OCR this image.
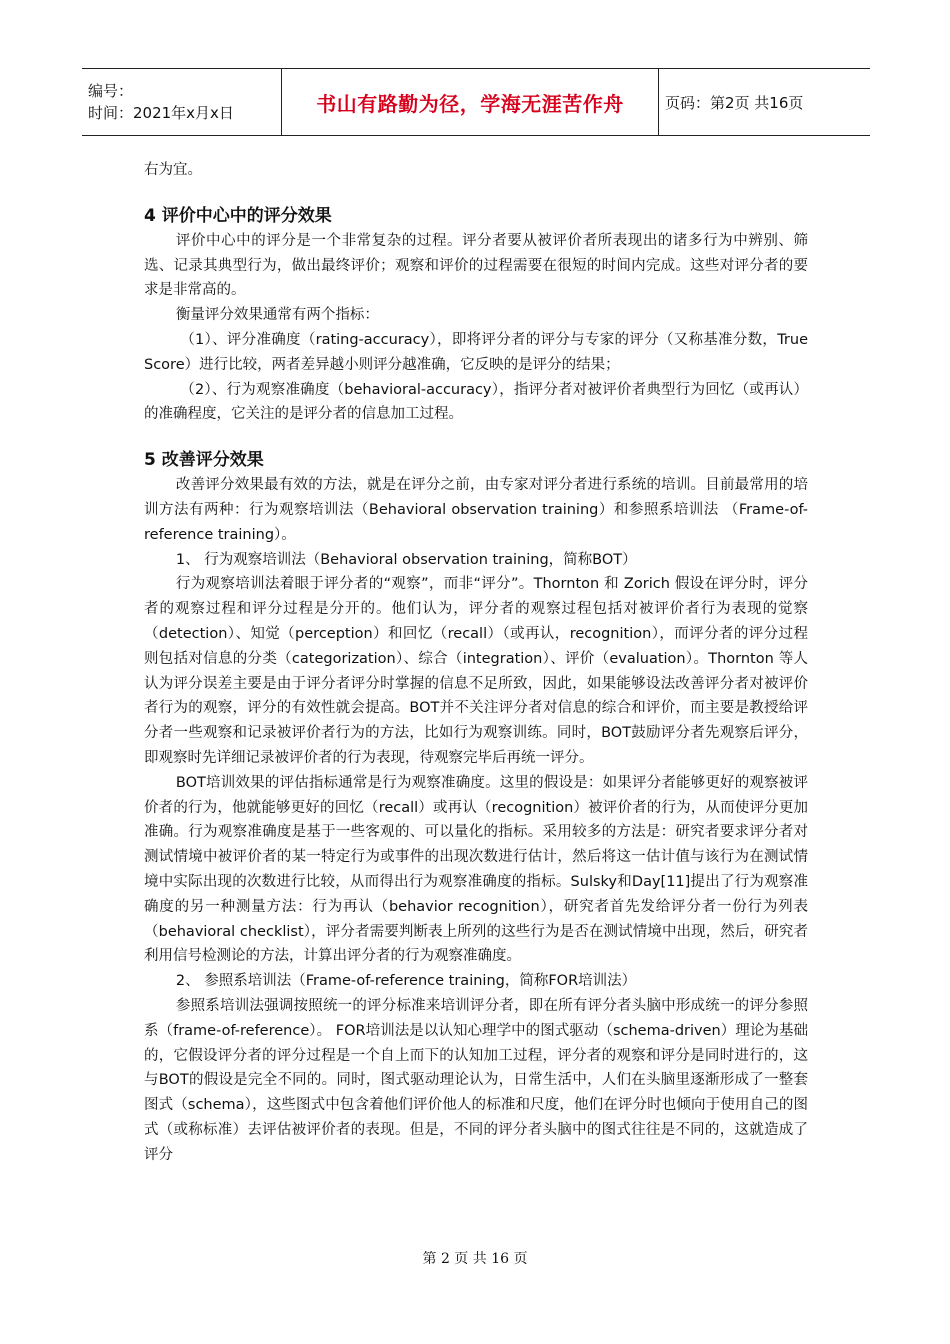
编号：
时间：2021年x月x日	书山有路勤为径，学海无涯苦作舟	页码：第2页 共16页

右为宜。

4 评价中心中的评分效果

评价中心中的评分是一个非常复杂的过程。评分者要从被评价者所表现出的诸多行为中辨别、筛选、记录其典型行为，做出最终评价；观察和评价的过程需要在很短的时间内完成。这些对评分者的要求是非常高的。

衡量评分效果通常有两个指标：

（1）、评分准确度（rating-accuracy），即将评分者的评分与专家的评分（又称基准分数，True Score）进行比较，两者差异越小则评分越准确，它反映的是评分的结果；

（2）、行为观察准确度（behavioral-accuracy），指评分者对被评价者典型行为回忆（或再认）的准确程度，它关注的是评分者的信息加工过程。

5 改善评分效果

改善评分效果最有效的方法，就是在评分之前，由专家对评分者进行系统的培训。目前最常用的培训方法有两种：行为观察培训法（Behavioral observation training）和参照系培训法 （Frame-of-reference training）。

1、 行为观察培训法（Behavioral observation training，简称BOT）

行为观察培训法着眼于评分者的“观察”，而非“评分”。Thornton 和 Zorich 假设在评分时，评分者的观察过程和评分过程是分开的。他们认为，评分者的观察过程包括对被评价者行为表现的觉察（detection）、知觉（perception）和回忆（recall）（或再认，recognition），而评分者的评分过程则包括对信息的分类（categorization）、综合（integration）、评价（evaluation）。Thornton 等人认为评分误差主要是由于评分者评分时掌握的信息不足所致，因此，如果能够设法改善评分者对被评价者行为的观察，评分的有效性就会提高。BOT并不关注评分者对信息的综合和评价，而主要是教授给评分者一些观察和记录被评价者行为的方法，比如行为观察训练。同时，BOT鼓励评分者先观察后评分，即观察时先详细记录被评价者的行为表现，待观察完毕后再统一评分。

BOT培训效果的评估指标通常是行为观察准确度。这里的假设是：如果评分者能够更好的观察被评价者的行为，他就能够更好的回忆（recall）或再认（recognition）被评价者的行为，从而使评分更加准确。行为观察准确度是基于一些客观的、可以量化的指标。采用较多的方法是：研究者要求评分者对测试情境中被评价者的某一特定行为或事件的出现次数进行估计，然后将这一估计值与该行为在测试情境中实际出现的次数进行比较，从而得出行为观察准确度的指标。Sulsky和Day[11]提出了行为观察准确度的另一种测量方法：行为再认（behavior recognition），研究者首先发给评分者一份行为列表（behavioral checklist），评分者需要判断表上所列的这些行为是否在测试情境中出现，然后，研究者利用信号检测论的方法，计算出评分者的行为观察准确度。

2、 参照系培训法（Frame-of-reference training，简称FOR培训法）

参照系培训法强调按照统一的评分标准来培训评分者，即在所有评分者头脑中形成统一的评分参照系（frame-of-reference）。 FOR培训法是以认知心理学中的图式驱动（schema-driven）理论为基础的，它假设评分者的评分过程是一个自上而下的认知加工过程，评分者的观察和评分是同时进行的，这与BOT的假设是完全不同的。同时，图式驱动理论认为，日常生活中，人们在头脑里逐渐形成了一整套图式（schema），这些图式中包含着他们评价他人的标准和尺度，他们在评分时也倾向于使用自己的图式（或称标准）去评估被评价者的表现。但是，不同的评分者头脑中的图式往往是不同的，这就造成了评分

第 2 页 共 16 页
